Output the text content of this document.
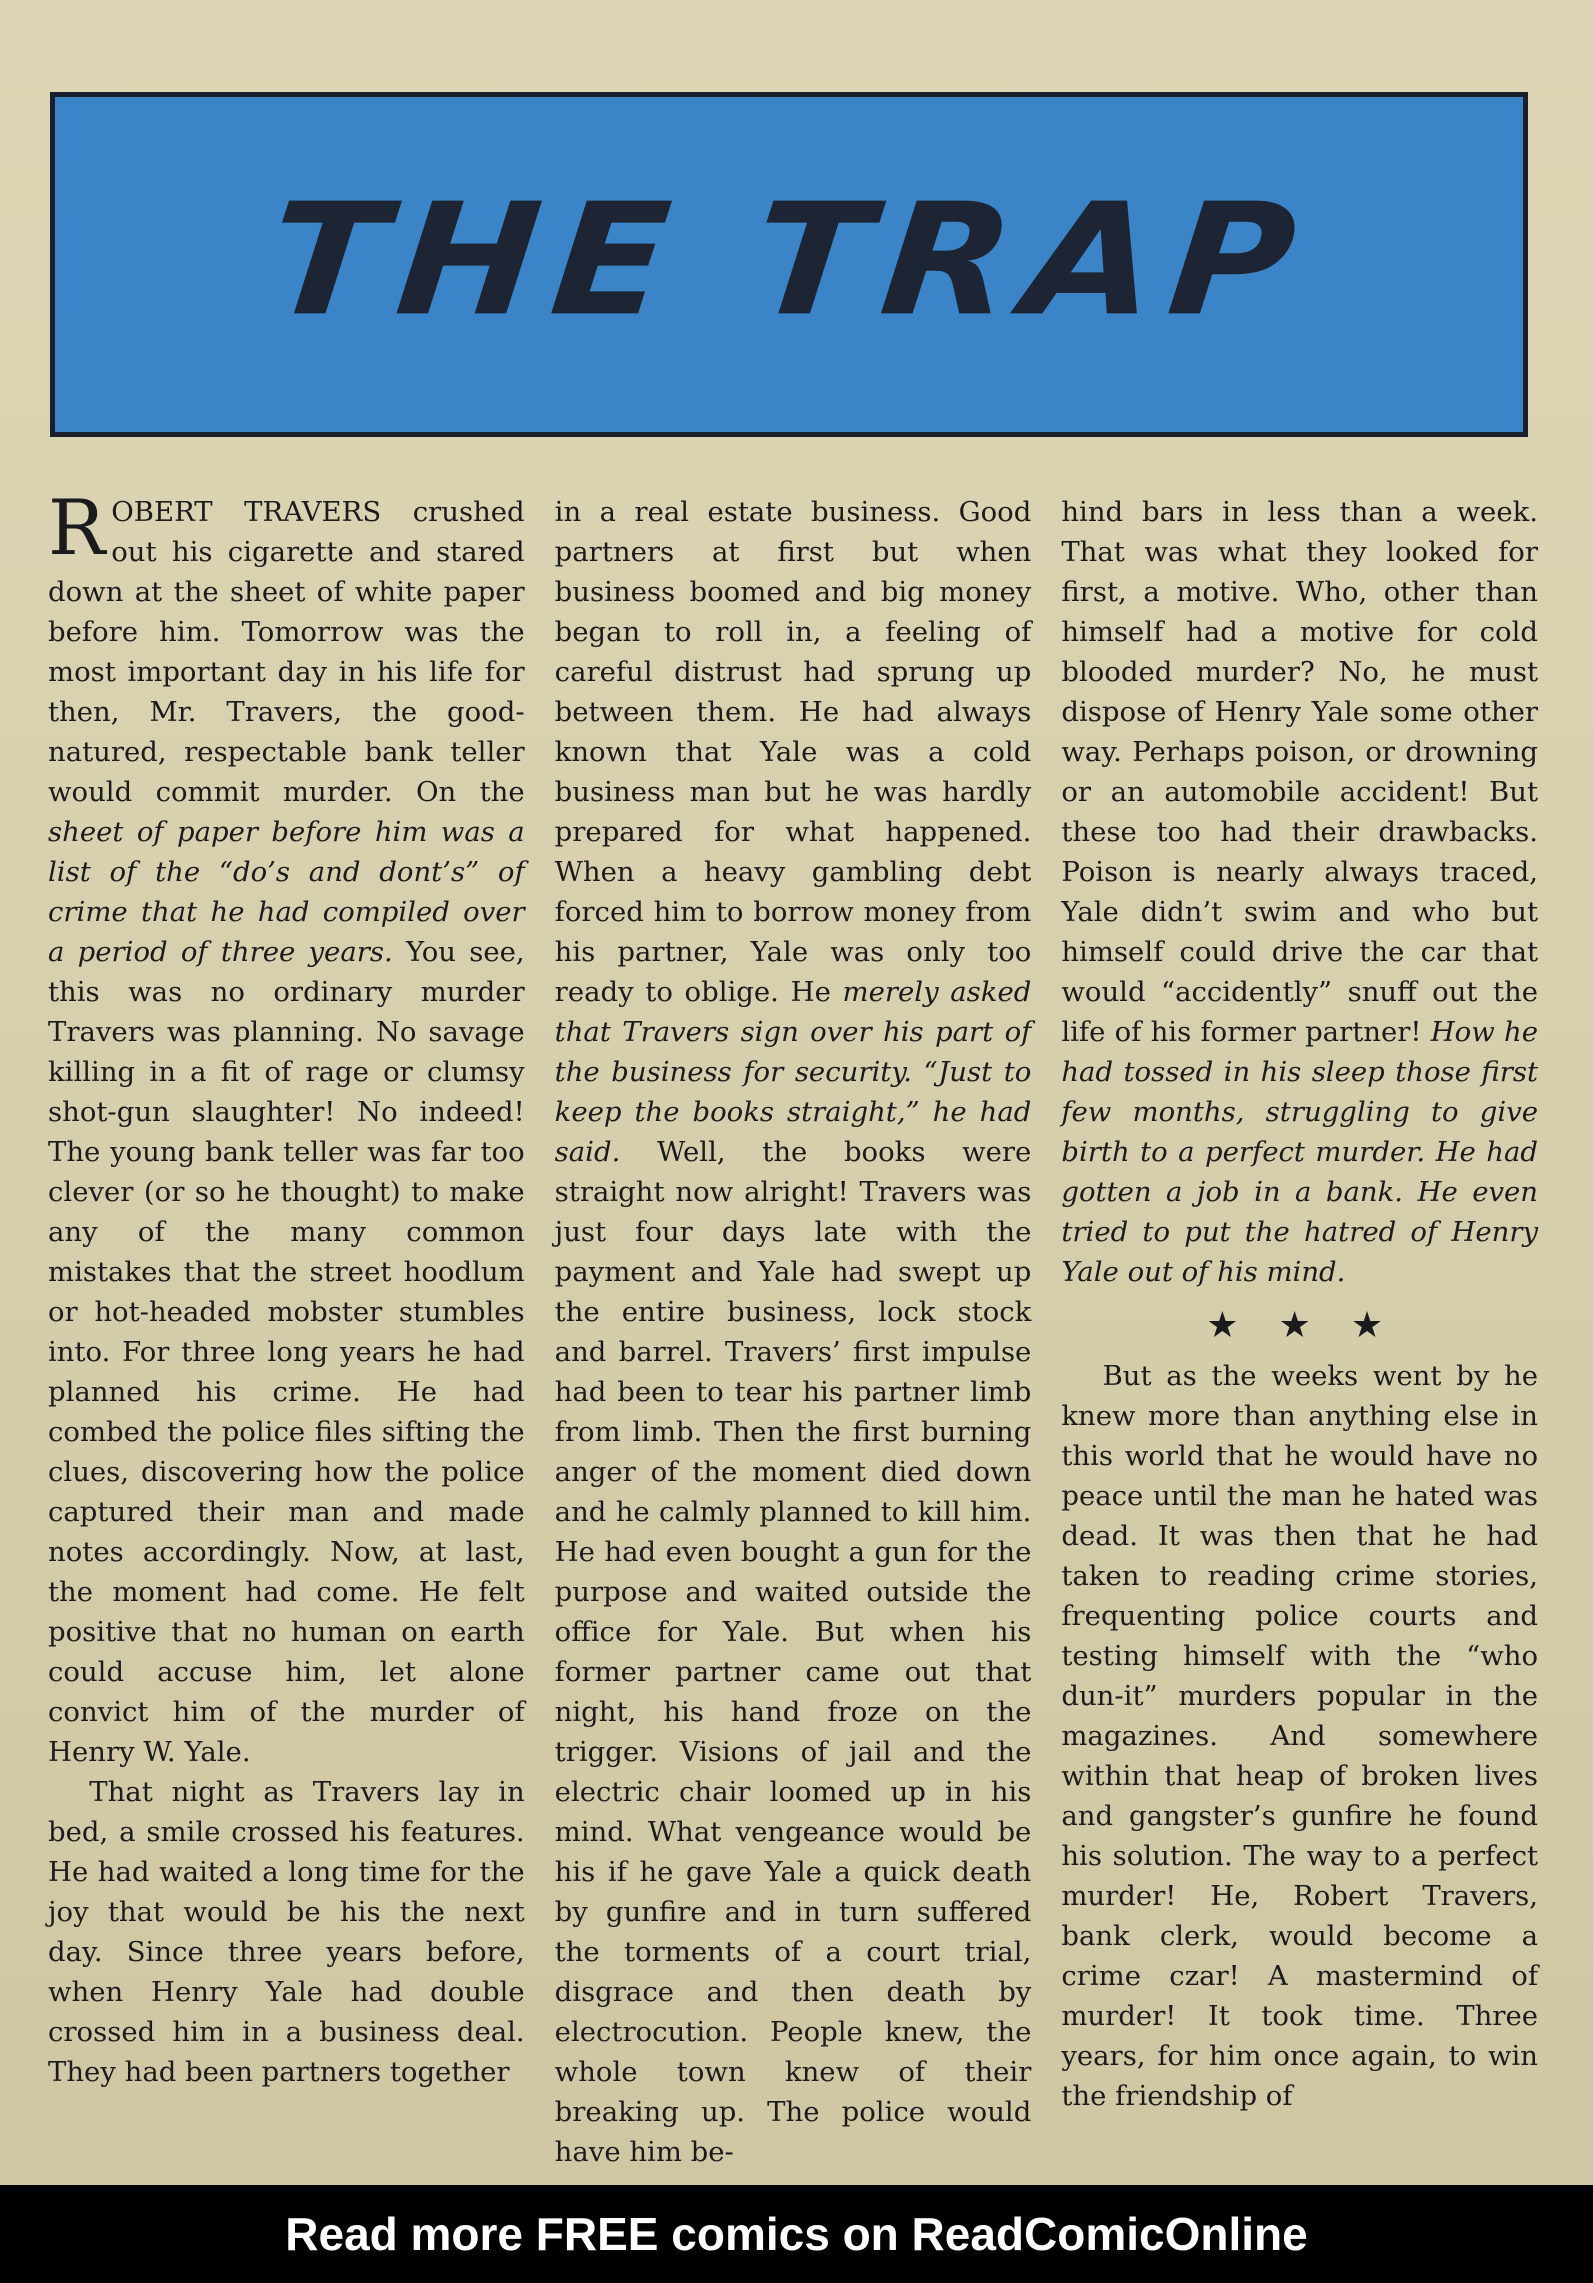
THE TRAP

ROBERT TRAVERS crushed out his cigarette and stared down at the sheet of white paper before him. Tomorrow was the most important day in his life for then, Mr. Travers, the good-natured, respectable bank teller would commit murder. On the sheet of paper before him was a list of the “do’s and dont’s” of crime that he had compiled over a period of three years. You see, this was no ordinary murder Travers was planning. No savage killing in a fit of rage or clumsy shot-gun slaughter! No indeed! The young bank teller was far too clever (or so he thought) to make any of the many common mistakes that the street hoodlum or hot-headed mobster stumbles into. For three long years he had planned his crime. He had combed the police files sifting the clues, discovering how the police captured their man and made notes accordingly. Now, at last, the moment had come. He felt positive that no human on earth could accuse him, let alone convict him of the murder of Henry W. Yale.

That night as Travers lay in bed, a smile crossed his features. He had waited a long time for the joy that would be his the next day. Since three years before, when Henry Yale had double crossed him in a business deal. They had been partners together

in a real estate business. Good partners at first but when business boomed and big money began to roll in, a feeling of careful distrust had sprung up between them. He had always known that Yale was a cold business man but he was hardly prepared for what happened. When a heavy gambling debt forced him to borrow money from his partner, Yale was only too ready to oblige. He merely asked that Travers sign over his part of the business for security. “Just to keep the books straight,” he had said. Well, the books were straight now alright! Travers was just four days late with the payment and Yale had swept up the entire business, lock stock and barrel. Travers’ first impulse had been to tear his partner limb from limb. Then the first burning anger of the moment died down and he calmly planned to kill him. He had even bought a gun for the purpose and waited outside the office for Yale. But when his former partner came out that night, his hand froze on the trigger. Visions of jail and the electric chair loomed up in his mind. What vengeance would be his if he gave Yale a quick death by gunfire and in turn suffered the torments of a court trial, disgrace and then death by electrocution. People knew, the whole town knew of their breaking up. The police would have him be-

hind bars in less than a week. That was what they looked for first, a motive. Who, other than himself had a motive for cold blooded murder? No, he must dispose of Henry Yale some other way. Perhaps poison, or drowning or an automobile accident! But these too had their drawbacks. Poison is nearly always traced, Yale didn’t swim and who but himself could drive the car that would “accidently” snuff out the life of his former partner! How he had tossed in his sleep those first few months, struggling to give birth to a perfect murder. He had gotten a job in a bank. He even tried to put the hatred of Henry Yale out of his mind.

★★★

But as the weeks went by he knew more than anything else in this world that he would have no peace until the man he hated was dead. It was then that he had taken to reading crime stories, frequenting police courts and testing himself with the “who dun-it” murders popular in the magazines. And somewhere within that heap of broken lives and gangster’s gunfire he found his solution. The way to a perfect murder! He, Robert Travers, bank clerk, would become a crime czar! A mastermind of murder! It took time. Three years, for him once again, to win the friendship of

Read more FREE comics on ReadComicOnline
